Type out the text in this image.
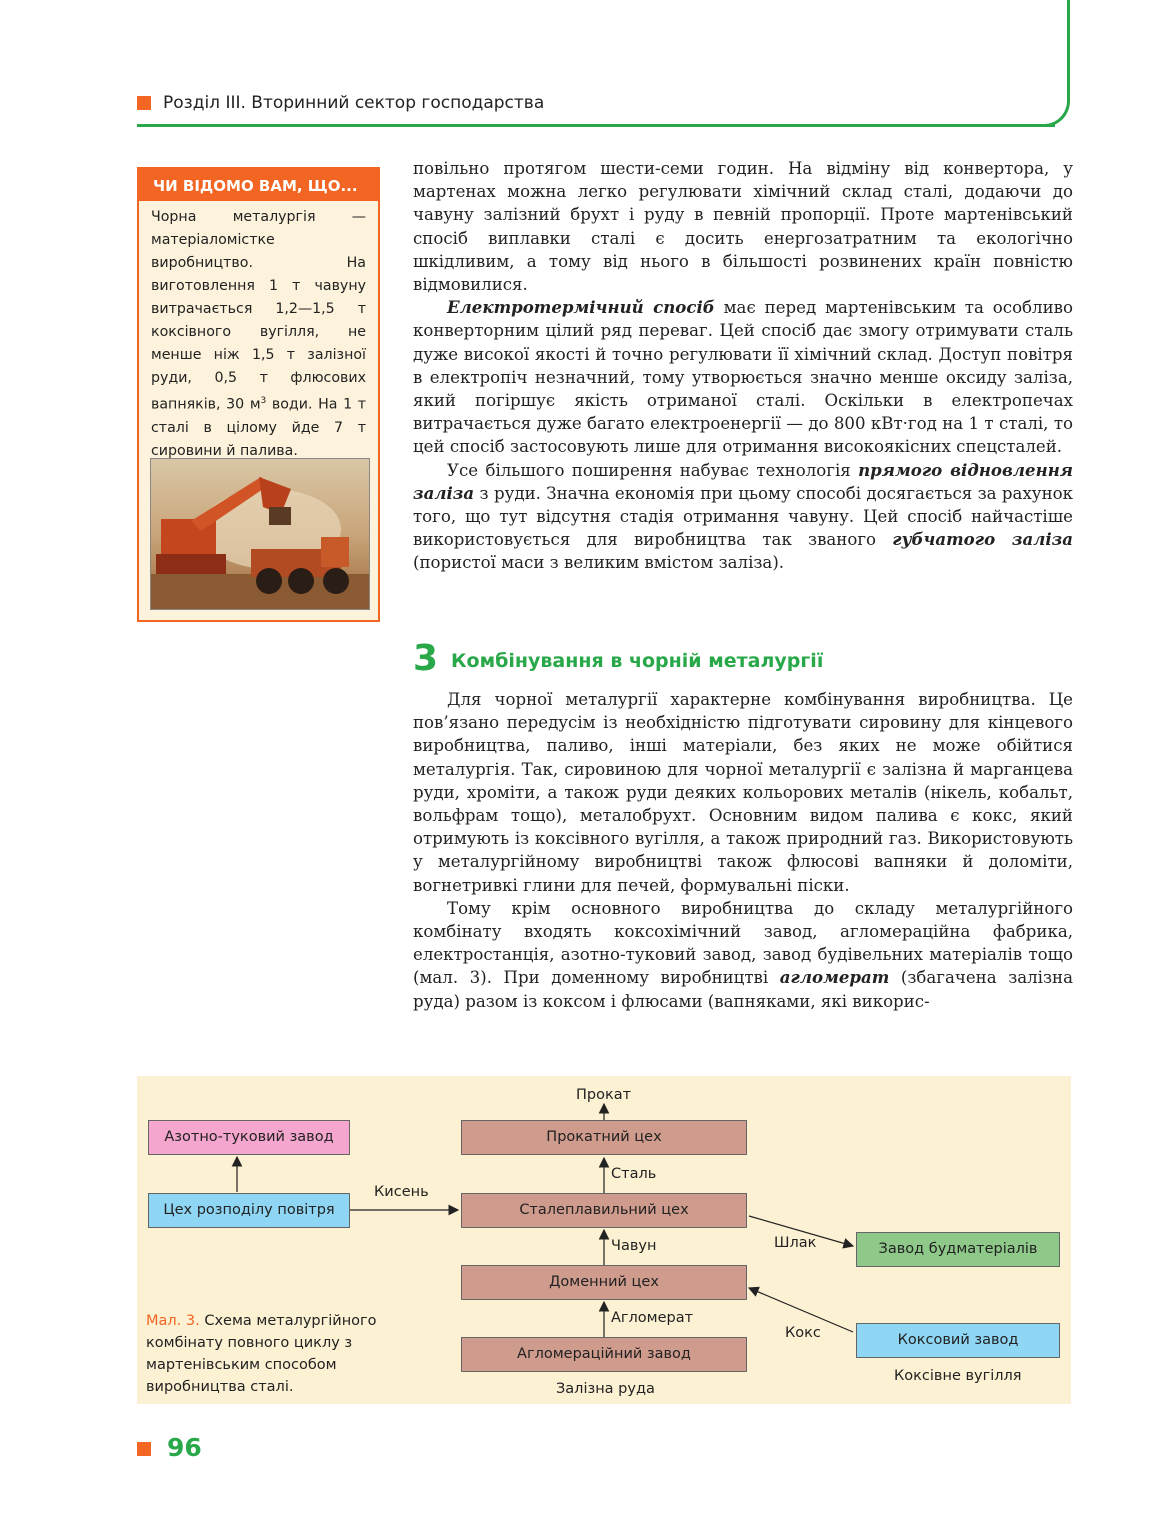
Розділ ІІІ. Вторинний сектор господарства
ЧИ ВІДОМО ВАМ, ЩО...

Чорна металургія — матеріаломістке виробництво. На виготовлення 1 т чавуну витрачається 1,2—1,5 т коксівного вугілля, не менше ніж 1,5 т залізної руди, 0,5 т флюсових вапняків, 30 $м^3$ води. На 1 т сталі в цілому йде 7 т сировини й палива.

повільно протягом шести-семи годин. На відміну від конвертора, у мартенах можна легко регулювати хімічний склад сталі, додаючи до чавуну залізний брухт і руду в певній пропорції. Проте мартенівський спосіб виплавки сталі є досить енергозатратним та екологічно шкідливим, а тому від нього в більшості розвинених країн повністю відмовилися.

Електротермічний спосіб має перед мартенівським та особливо конверторним цілий ряд переваг. Цей спосіб дає змогу отримувати сталь дуже високої якості й точно регулювати її хімічний склад. Доступ повітря в електропіч незначний, тому утворюється значно менше оксиду заліза, який погіршує якість отриманої сталі. Оскільки в електропечах витрачається дуже багато електроенергії — до 800 кВт·год на 1 т сталі, то цей спосіб застосовують лише для отримання високоякісних спецсталей.

Усе більшого поширення набуває технологія прямого відновлення заліза з руди. Значна економія при цьому способі досягається за рахунок того, що тут відсутня стадія отримання чавуну. Цей спосіб найчастіше використовується для виробництва так званого губчатого заліза (пористої маси з великим вмістом заліза).

3 Комбінування в чорній металургії

Для чорної металургії характерне комбінування виробництва. Це пов’язано передусім із необхідністю підготувати сировину для кінцевого виробництва, паливо, інші матеріали, без яких не може обійтися металургія. Так, сировиною для чорної металургії є залізна й марганцева руди, хроміти, а також руди деяких кольорових металів (нікель, кобальт, вольфрам тощо), металобрухт. Основним видом палива є кокс, який отримують із коксівного вугілля, а також природний газ. Використовують у металургійному виробництві також флюсові вапняки й доломіти, вогнетривкі глини для печей, формувальні піски.

Тому крім основного виробництва до складу металургійного комбінату входять коксохімічний завод, агломераційна фабрика, електростанція, азотно-туковий завод, завод будівельних матеріалів тощо (мал. 3). При доменному виробництві агломерат (збагачена залізна руда) разом із коксом і флюсами (вапняками, які викорис-

Азотно-туковий завод
Цех розподілу повітря
Прокатний цех
Сталеплавильний цех
Доменний цех
Агломераційний завод
Завод будматеріалів
Коксовий завод
Прокат
Сталь
Кисень
Чавун	Шлак
Агломерат
Кокс
Залізна руда
Коксівне вугілля
Мал. 3. Схема металургійного комбінату повного циклу з мартенівським способом виробництва сталі.
96
